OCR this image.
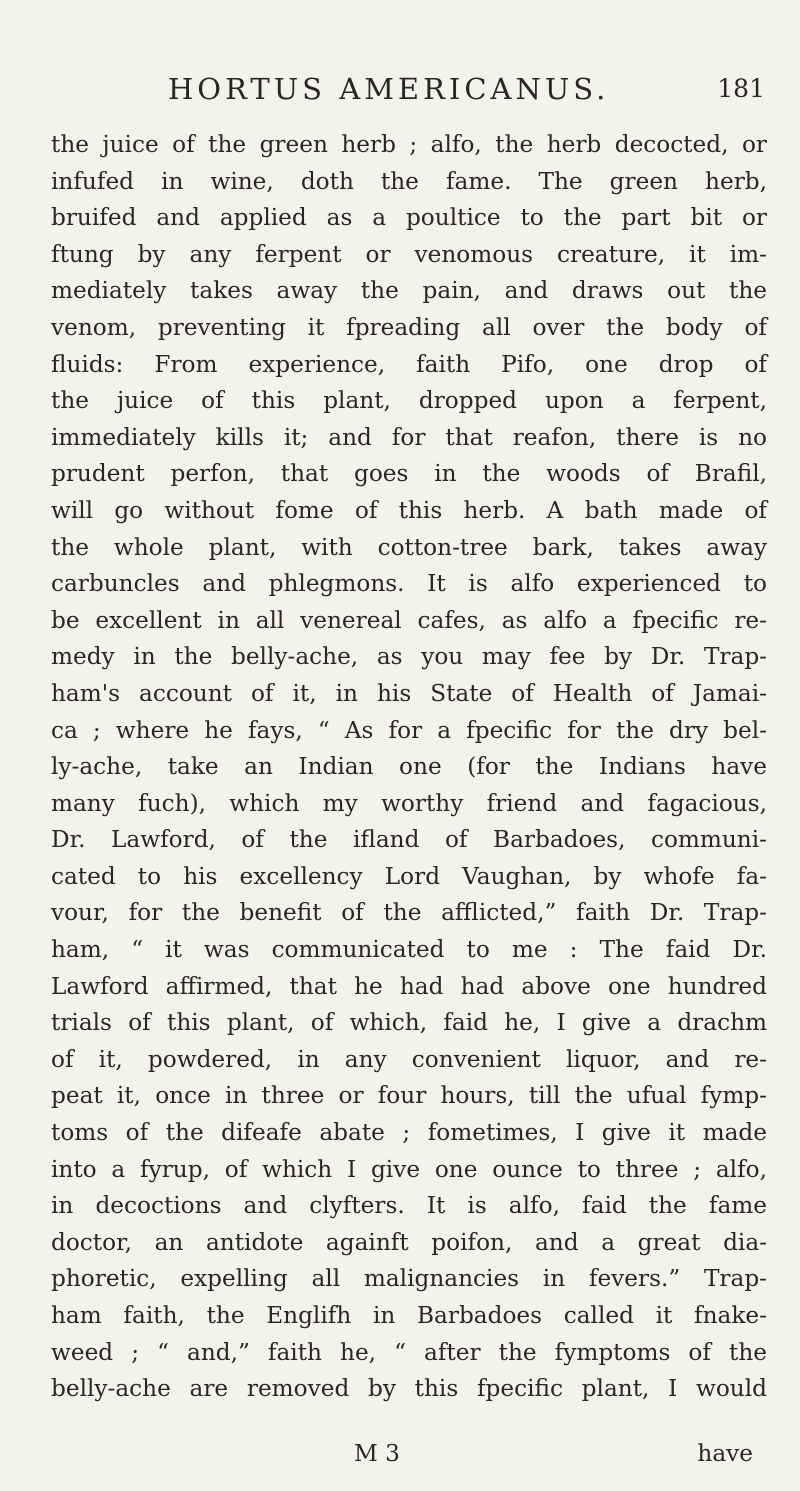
HORTUS AMERICANUS.	181
the juice of the green herb ; alfo, the herb decocted, or
infufed in wine, doth the fame. The green herb,
bruifed and applied as a poultice to the part bit or
ftung by any ferpent or venomous creature, it im-
mediately takes away the pain, and draws out the
venom, preventing it fpreading all over the body of
fluids: From experience, faith Pifo, one drop of
the juice of this plant, dropped upon a ferpent,
immediately kills it; and for that reafon, there is no
prudent perfon, that goes in the woods of Brafil,
will go without fome of this herb. A bath made of
the whole plant, with cotton-tree bark, takes away
carbuncles and phlegmons. It is alfo experienced to
be excellent in all venereal cafes, as alfo a fpecific re-
medy in the belly-ache, as you may fee by Dr. Trap-
ham's account of it, in his State of Health of Jamai-
ca ; where he fays, “ As for a fpecific for the dry bel-
ly-ache, take an Indian one (for the Indians have
many fuch), which my worthy friend and fagacious,
Dr. Lawford, of the ifland of Barbadoes, communi-
cated to his excellency Lord Vaughan, by whofe fa-
vour, for the benefit of the afflicted,” faith Dr. Trap-
ham, “ it was communicated to me : The faid Dr.
Lawford affirmed, that he had had above one hundred
trials of this plant, of which, faid he, I give a drachm
of it, powdered, in any convenient liquor, and re-
peat it, once in three or four hours, till the ufual fymp-
toms of the difeafe abate ; fometimes, I give it made
into a fyrup, of which I give one ounce to three ; alfo,
in decoctions and clyfters. It is alfo, faid the fame
doctor, an antidote againft poifon, and a great dia-
phoretic, expelling all malignancies in fevers.” Trap-
ham faith, the Englifh in Barbadoes called it fnake-
weed ; “ and,” faith he, “ after the fymptoms of the
belly-ache are removed by this fpecific plant, I would
M 3	have
